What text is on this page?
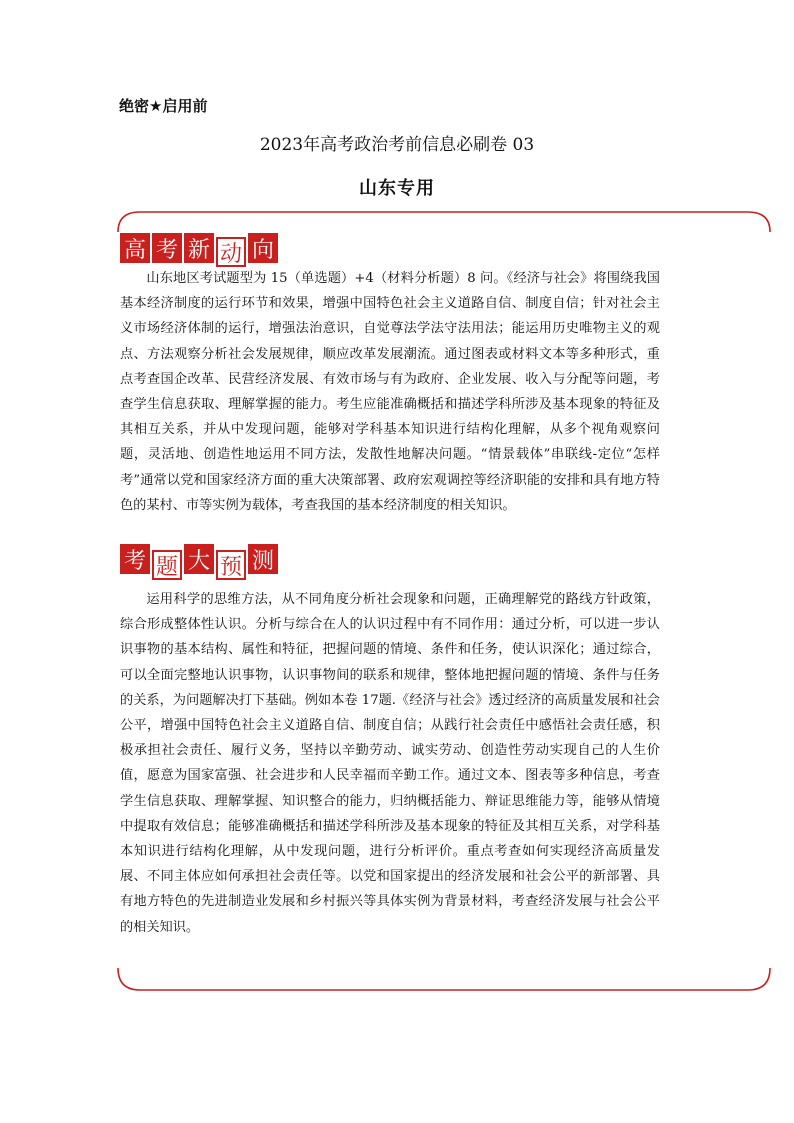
绝密★启用前
2023年高考政治考前信息必刷卷 03
山东专用
高 考 新 动 向
山东地区考试题型为 15（单选题）+4（材料分析题）8 问。《经济与社会》将围绕我国基本经济制度的运行环节和效果，增强中国特色社会主义道路自信、制度自信；针对社会主义市场经济体制的运行，增强法治意识，自觉尊法学法守法用法；能运用历史唯物主义的观点、方法观察分析社会发展规律，顺应改革发展潮流。通过图表或材料文本等多种形式，重点考查国企改革、民营经济发展、有效市场与有为政府、企业发展、收入与分配等问题，考查学生信息获取、理解掌握的能力。考生应能准确概括和描述学科所涉及基本现象的特征及其相互关系，并从中发现问题，能够对学科基本知识进行结构化理解，从多个视角观察问题，灵活地、创造性地运用不同方法，发散性地解决问题。“情景载体”串联线-定位“怎样考”通常以党和国家经济方面的重大决策部署、政府宏观调控等经济职能的安排和具有地方特色的某村、市等实例为载体，考查我国的基本经济制度的相关知识。
考 题 大 预 测
运用科学的思维方法，从不同角度分析社会现象和问题，正确理解党的路线方针政策，综合形成整体性认识。分析与综合在人的认识过程中有不同作用：通过分析，可以进一步认识事物的基本结构、属性和特征，把握问题的情境、条件和任务，使认识深化；通过综合，可以全面完整地认识事物，认识事物间的联系和规律，整体地把握问题的情境、条件与任务的关系，为问题解决打下基础。例如本卷 17题.《经济与社会》透过经济的高质量发展和社会公平，增强中国特色社会主义道路自信、制度自信；从践行社会责任中感悟社会责任感，积极承担社会责任、履行义务，坚持以辛勤劳动、诚实劳动、创造性劳动实现自己的人生价值，愿意为国家富强、社会进步和人民幸福而辛勤工作。通过文本、图表等多种信息，考查学生信息获取、理解掌握、知识整合的能力，归纳概括能力、辩证思维能力等，能够从情境中提取有效信息；能够准确概括和描述学科所涉及基本现象的特征及其相互关系，对学科基本知识进行结构化理解，从中发现问题，进行分析评价。重点考查如何实现经济高质量发展、不同主体应如何承担社会责任等。以党和国家提出的经济发展和社会公平的新部署、具有地方特色的先进制造业发展和乡村振兴等具体实例为背景材料，考查经济发展与社会公平的相关知识。
